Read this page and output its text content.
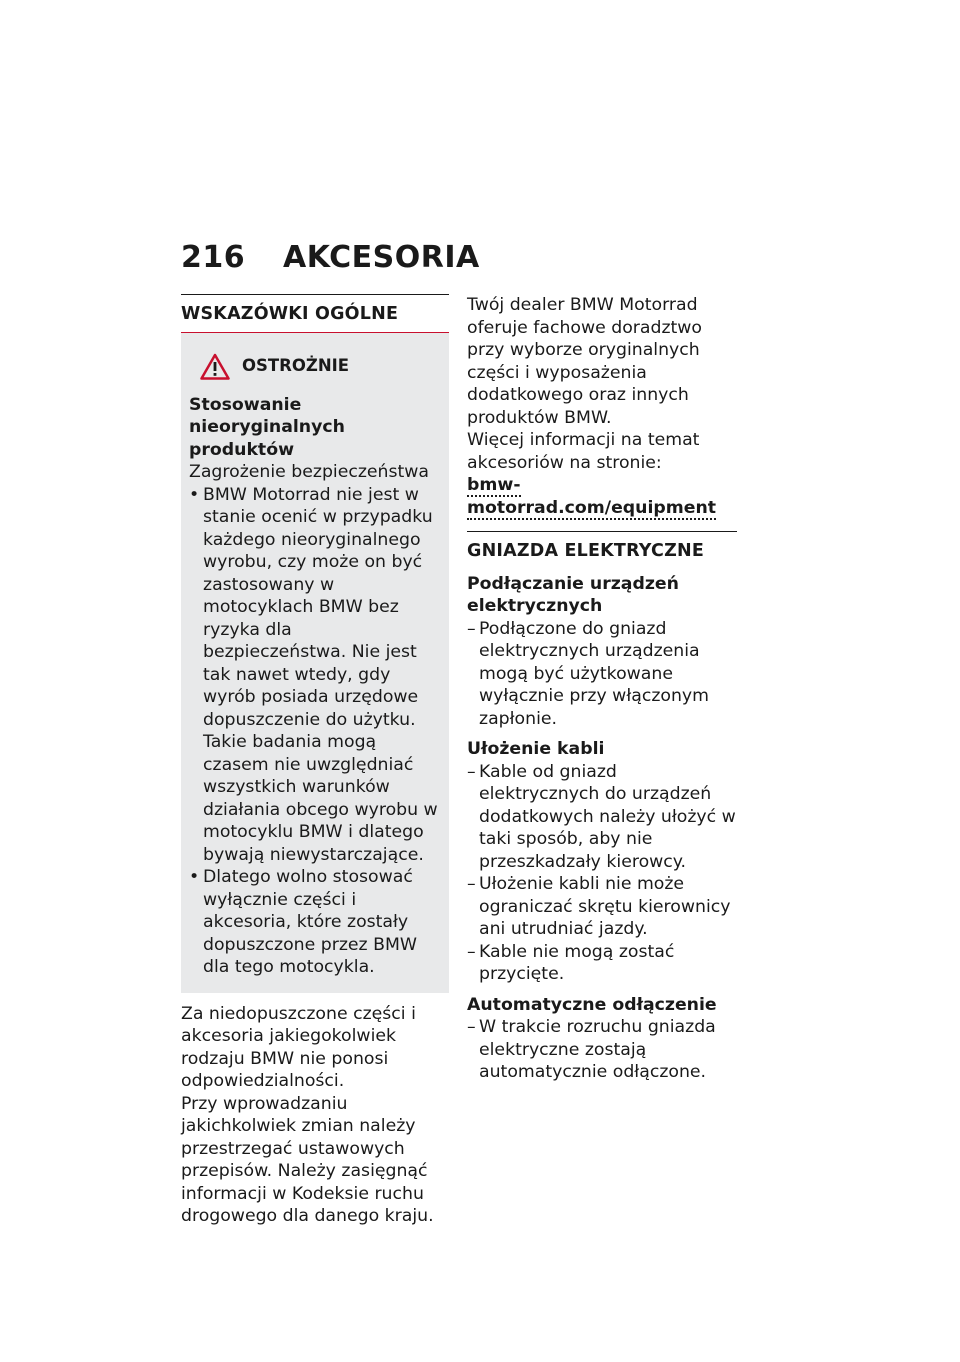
216	AKCESORIA
WSKAZÓWKI OGÓLNE
OSTROŻNIE

Stosowanie nieoryginalnych produktów

Zagrożenie bezpieczeństwa

• BMW Motorrad nie jest w stanie ocenić w przypadku każdego nieoryginalnego wyrobu, czy może on być zastosowany w motocyklach BMW bez ryzyka dla bezpieczeństwa. Nie jest tak nawet wtedy, gdy wyrób posiada urzędowe dopuszczenie do użytku. Takie badania mogą czasem nie uwzględniać wszystkich warunków działania obcego wyrobu w motocyklu BMW i dlatego bywają niewystarczające.
• Dlatego wolno stosować wyłącznie części i akcesoria, które zostały dopuszczone przez BMW dla tego motocykla.

Za niedopuszczone części i akcesoria jakiegokolwiek rodzaju BMW nie ponosi odpowiedzialności.

Przy wprowadzaniu jakichkolwiek zmian należy przestrzegać ustawowych przepisów. Należy zasięgnąć informacji w Kodeksie ruchu drogowego dla danego kraju.

Twój dealer BMW Motorrad oferuje fachowe doradztwo przy wyborze oryginalnych części i wyposażenia dodatkowego oraz innych produktów BMW.

Więcej informacji na temat akcesoriów na stronie:

bmw-motorrad.com/equipment
GNIAZDA ELEKTRYCZNE

Podłączanie urządzeń elektrycznych

– Podłączone do gniazd elektrycznych urządzenia mogą być użytkowane wyłącznie przy włączonym zapłonie.

Ułożenie kabli

– Kable od gniazd elektrycznych do urządzeń dodatkowych należy ułożyć w taki sposób, aby nie przeszkadzały kierowcy.
– Ułożenie kabli nie może ograniczać skrętu kierownicy ani utrudniać jazdy.
– Kable nie mogą zostać przycięte.

Automatyczne odłączenie

– W trakcie rozruchu gniazda elektryczne zostają automatycznie odłączone.
